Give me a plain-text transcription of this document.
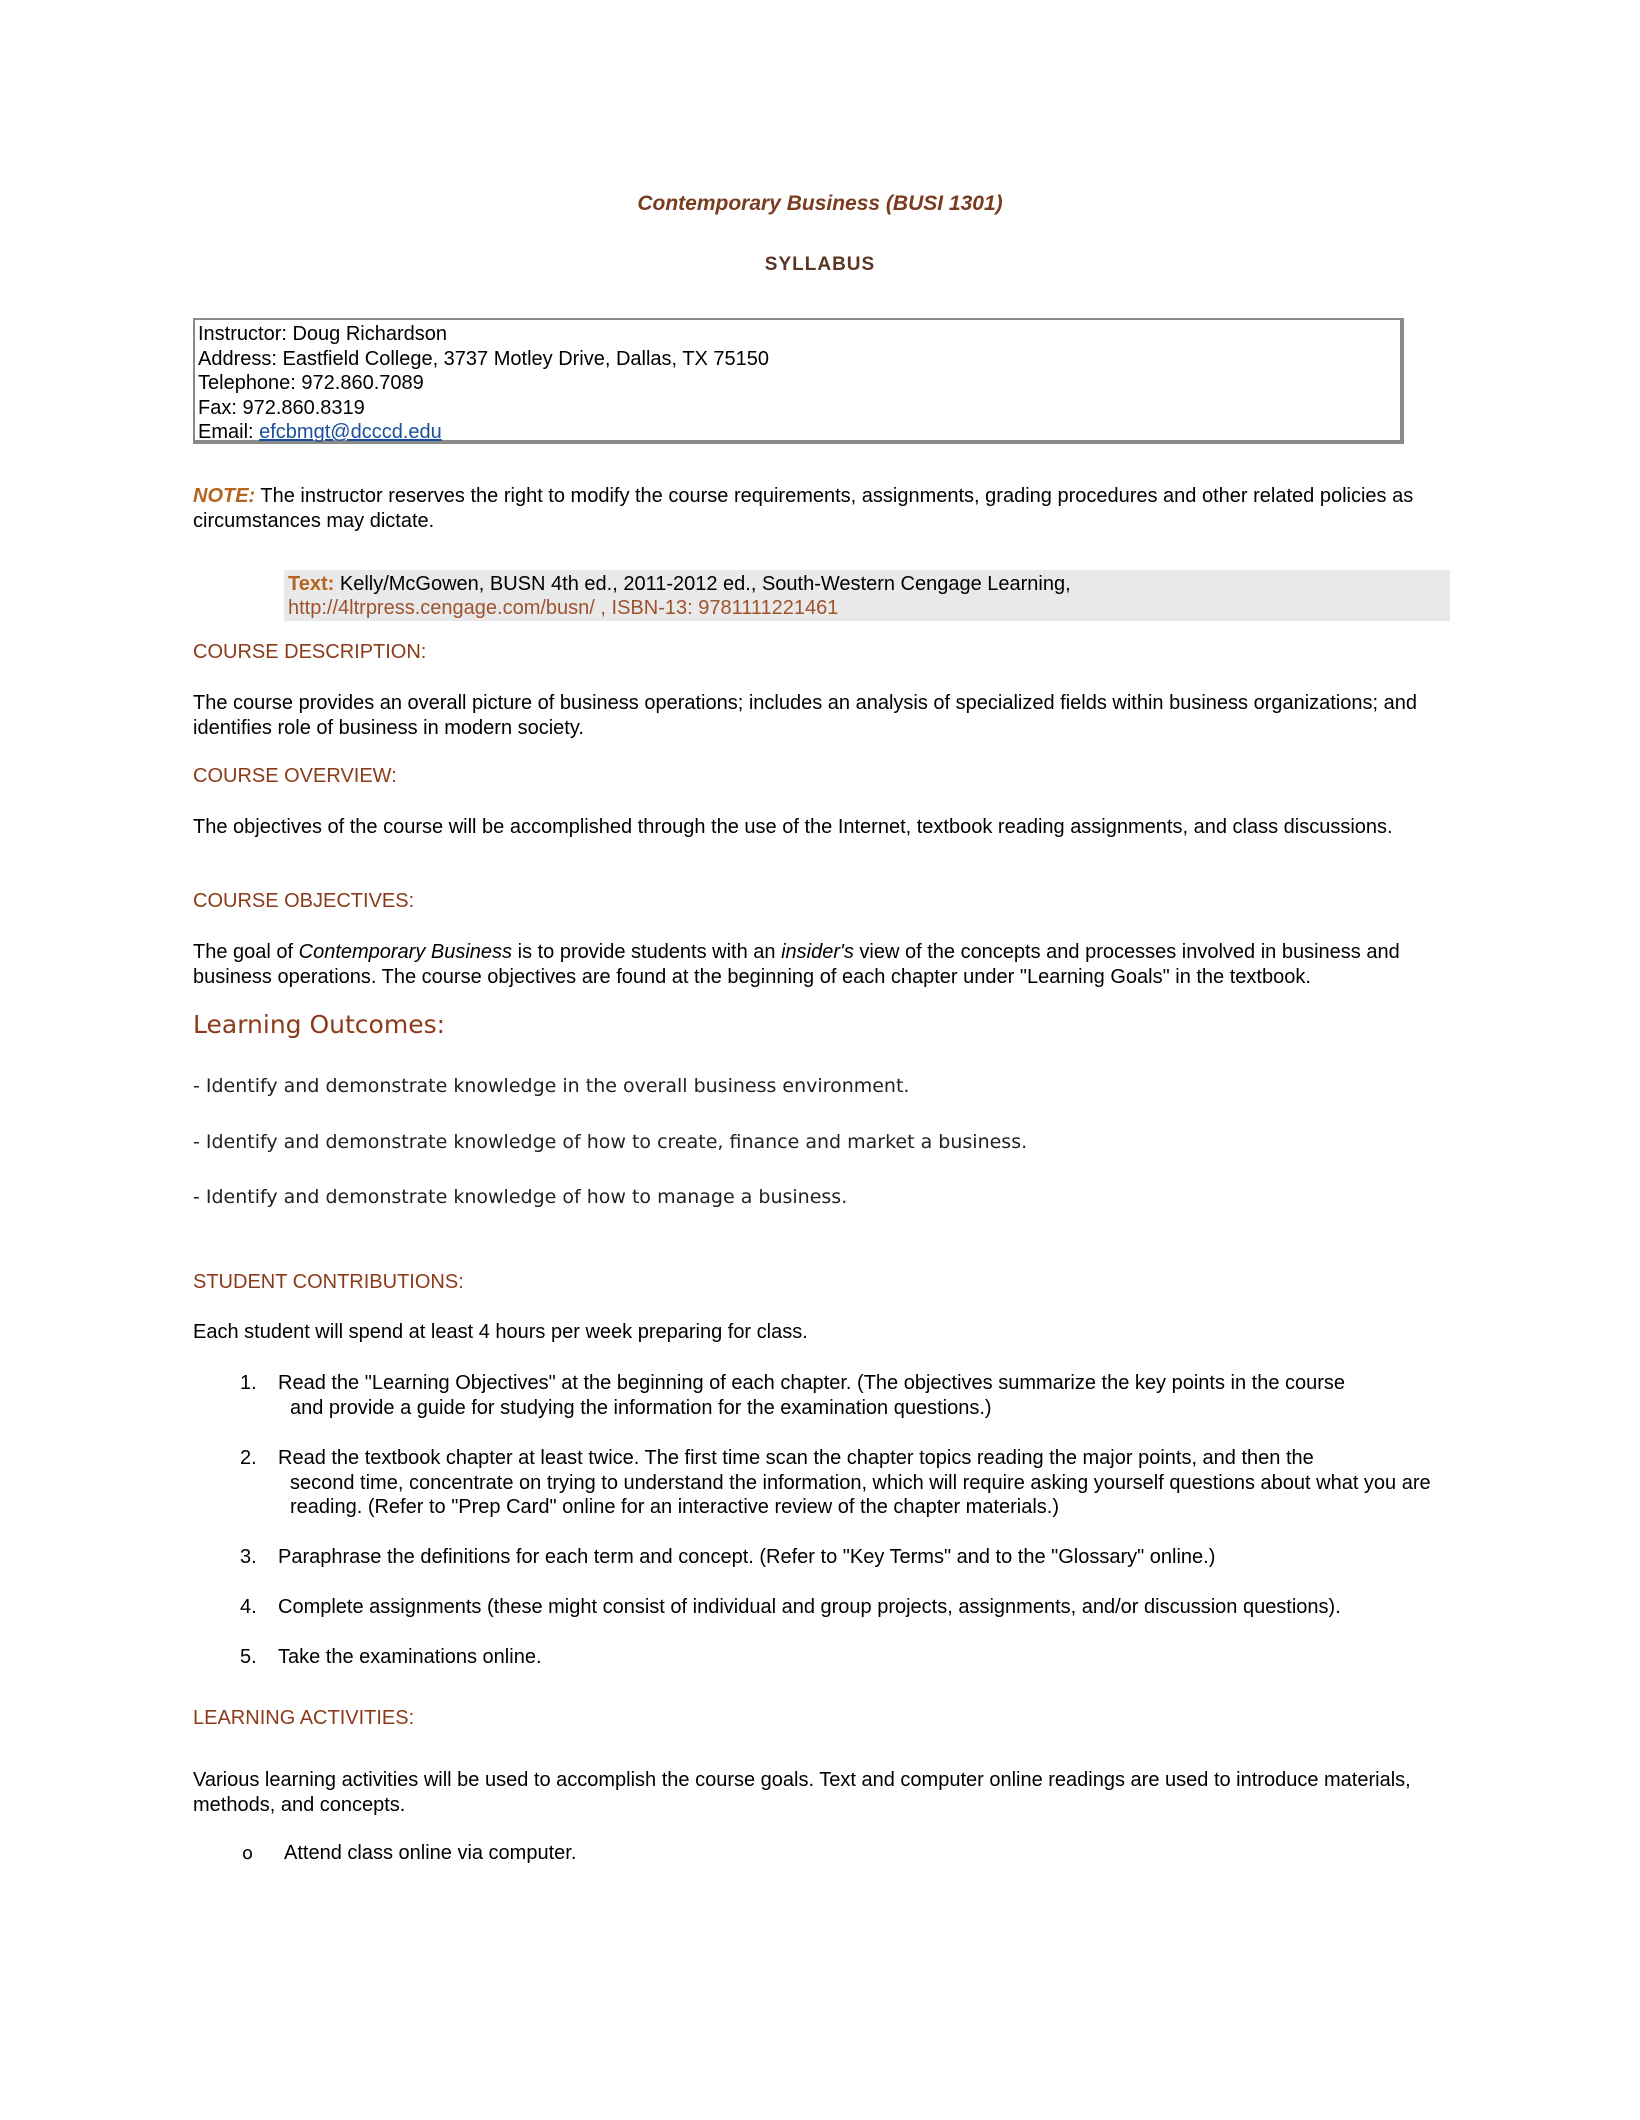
Contemporary Business (BUSI 1301)
SYLLABUS
Instructor: Doug Richardson
Address: Eastfield College, 3737 Motley Drive, Dallas, TX 75150
Telephone: 972.860.7089
Fax: 972.860.8319
Email: efcbmgt@dcccd.edu
NOTE: The instructor reserves the right to modify the course requirements, assignments, grading procedures and other related policies as circumstances may dictate.
Text: Kelly/McGowen, BUSN 4th ed., 2011-2012 ed., South-Western Cengage Learning,
http://4ltrpress.cengage.com/busn/ , ISBN-13: 9781111221461
COURSE DESCRIPTION:
The course provides an overall picture of business operations; includes an analysis of specialized fields within business organizations; and identifies role of business in modern society.
COURSE OVERVIEW:
The objectives of the course will be accomplished through the use of the Internet, textbook reading assignments, and class discussions.
COURSE OBJECTIVES:
The goal of Contemporary Business is to provide students with an insider's view of the concepts and processes involved in business and business operations. The course objectives are found at the beginning of each chapter under "Learning Goals" in the textbook.
Learning Outcomes:
- Identify and demonstrate knowledge in the overall business environment.
- Identify and demonstrate knowledge of how to create, finance and market a business.
- Identify and demonstrate knowledge of how to manage a business.
STUDENT CONTRIBUTIONS:
Each student will spend at least 4 hours per week preparing for class.
1. Read the "Learning Objectives" at the beginning of each chapter. (The objectives summarize the key points in the course
and provide a guide for studying the information for the examination questions.)
2. Read the textbook chapter at least twice. The first time scan the chapter topics reading the major points, and then the
second time, concentrate on trying to understand the information, which will require asking yourself questions about what you are reading. (Refer to "Prep Card" online for an interactive review of the chapter materials.)
3. Paraphrase the definitions for each term and concept. (Refer to "Key Terms" and to the "Glossary" online.)
4. Complete assignments (these might consist of individual and group projects, assignments, and/or discussion questions).
5. Take the examinations online.
LEARNING ACTIVITIES:
Various learning activities will be used to accomplish the course goals. Text and computer online readings are used to introduce materials, methods, and concepts.
o Attend class online via computer.
